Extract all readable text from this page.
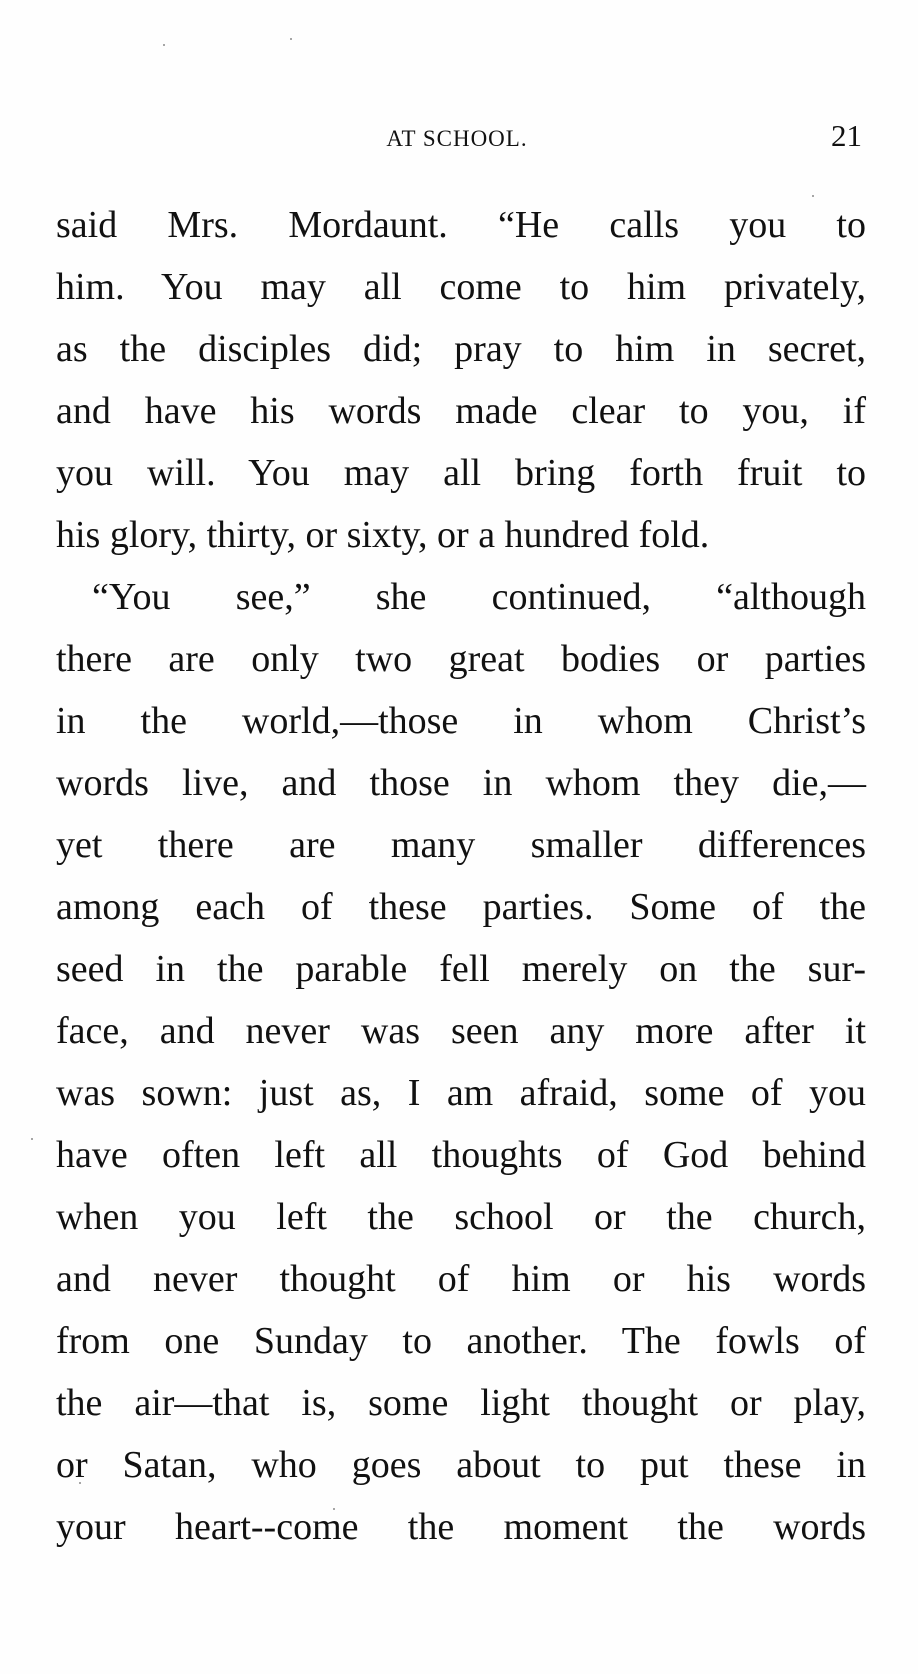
AT SCHOOL.	21
said Mrs. Mordaunt. “He calls you to
him. You may all come to him privately,
as the disciples did; pray to him in secret,
and have his words made clear to you, if
you will. You may all bring forth fruit to
his glory, thirty, or sixty, or a hundred fold.
“You see,” she continued, “although
there are only two great bodies or parties
in the world,—those in whom Christ’s
words live, and those in whom they die,—
yet there are many smaller differences
among each of these parties. Some of the
seed in the parable fell merely on the sur-
face, and never was seen any more after it
was sown: just as, I am afraid, some of you
have often left all thoughts of God behind
when you left the school or the church,
and never thought of him or his words
from one Sunday to another. The fowls of
the air—that is, some light thought or play,
or Satan, who goes about to put these in
your heart--come the moment the words
